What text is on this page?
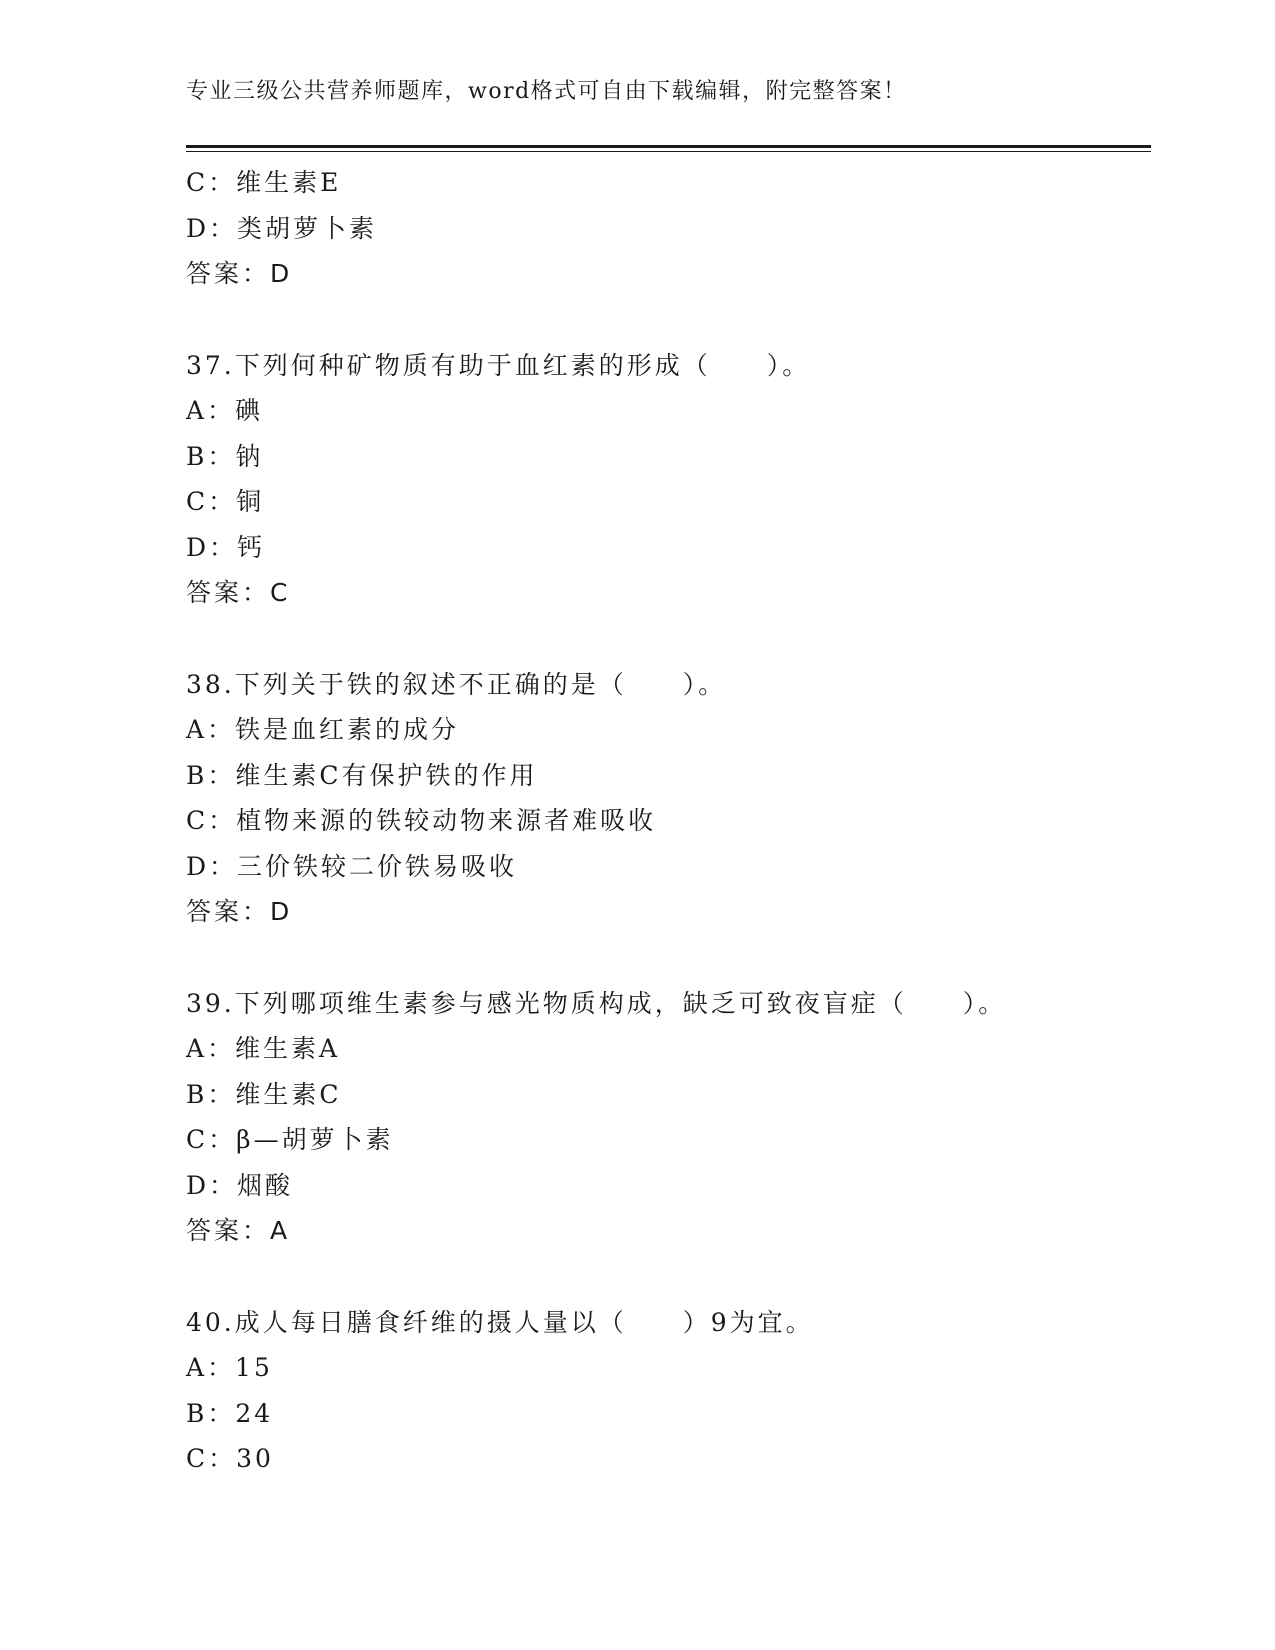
专业三级公共营养师题库，word格式可自由下载编辑，附完整答案！
C：维生素E
D：类胡萝卜素
答案：D
37.下列何种矿物质有助于血红素的形成（　　）。
A：碘
B：钠
C：铜
D：钙
答案：C
38.下列关于铁的叙述不正确的是（　　）。
A：铁是血红素的成分
B：维生素C有保护铁的作用
C：植物来源的铁较动物来源者难吸收
D：三价铁较二价铁易吸收
答案：D
39.下列哪项维生素参与感光物质构成，缺乏可致夜盲症（　　）。
A：维生素A
B：维生素C
C：β—胡萝卜素
D：烟酸
答案：A
40.成人每日膳食纤维的摄人量以（　　）9为宜。
A：15
B：24
C：30
